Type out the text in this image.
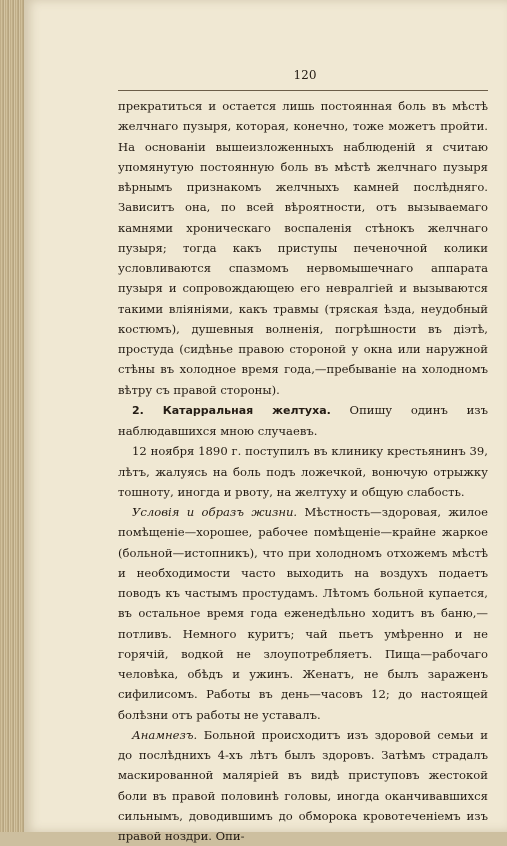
120

прекратиться и остается лишь постоянная боль въ мѣстѣ желчнаго пузыря, которая, конечно, тоже можетъ пройти. На основаніи вышеизложенныхъ наблюденій я считаю упомянутую постоянную боль въ мѣстѣ желчнаго пузыря вѣрнымъ признакомъ желчныхъ камней послѣдняго. Зависитъ она, по всей вѣроятности, отъ вызываемаго камнями хроническаго воспаленія стѣнокъ желчнаго пузыря; тогда какъ приступы печеночной колики условливаются спазмомъ нервомышечнаго аппарата пузыря и сопровождающею его невралгiей и вызываются такими вліяніями, какъ травмы (тряская ѣзда, неудобный костюмъ), душевныя волненія, погрѣшности въ діэтѣ, простуда (сидѣнье правою стороной у окна или наружной стѣны въ холодное время года,—пребываніе на холодномъ вѣтру съ правой стороны).

2. Катарральная желтуха. Опишу одинъ изъ наблюдавшихся мною случаевъ.

12 ноября 1890 г. поступилъ въ клинику крестьянинъ 39, лѣтъ, жалуясь на боль подъ ложечкой, вонючую отрыжку тошноту, иногда и рвоту, на желтуху и общую слабость.

Условія и образъ жизни. Мѣстность—здоровая, жилое помѣщеніе—хорошее, рабочее помѣщеніе—крайне жаркое (больной—истопникъ), что при холодномъ отхожемъ мѣстѣ и необходимости часто выходить на воздухъ подаетъ поводъ къ частымъ простудамъ. Лѣтомъ больной купается, въ остальное время года еженедѣльно ходитъ въ баню,—потливъ. Немного куритъ; чай пьетъ умѣренно и не горячій, водкой не злоупотребляетъ. Пища—рабочаго человѣка, обѣдъ и ужинъ. Женатъ, не былъ зараженъ сифилисомъ. Работы въ день—часовъ 12; до настоящей болѣзни отъ работы не уставалъ.

Анамнезъ. Больной происходитъ изъ здоровой семьи и до послѣднихъ 4-хъ лѣтъ былъ здоровъ. Затѣмъ страдалъ маскированной маляріей въ видѣ приступовъ жестокой боли въ правой половинѣ головы, иногда оканчивавшихся сильнымъ, доводившимъ до обморока кровотеченіемъ изъ правой ноздри. Опи-
